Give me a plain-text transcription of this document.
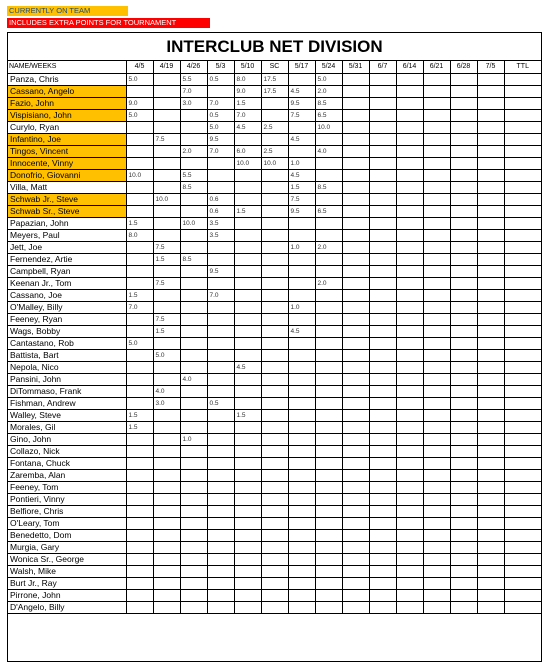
CURRENTLY ON TEAM
INCLUDES EXTRA POINTS FOR TOURNAMENT
INTERCLUB NET DIVISION
NAME/WEEKS	4/5	4/19	4/26	5/3	5/10	SC	5/17	5/24	5/31	6/7	6/14	6/21	6/28	7/5	TTL	
Panza, Chris	5.0		5.5	0.5	8.0	17.5		5.0								
Cassano, Angelo			7.0		9.0	17.5	4.5	2.0								
Fazio, John	9.0		3.0	7.0	1.5		9.5	8.5								
Vispisiano, John	5.0			0.5	7.0		7.5	6.5								
Curylo, Ryan				5.0	4.5	2.5		10.0								
Infantino, Joe		7.5		9.5			4.5									
Tingos, Vincent			2.0	7.0	6.0	2.5		4.0								
Innocente, Vinny					10.0	10.0	1.0									
Donofrio, Giovanni	10.0		5.5				4.5									
Villa, Matt			8.5				1.5	8.5								
Schwab Jr., Steve		10.0		0.6			7.5									
Schwab Sr., Steve				0.6	1.5		9.5	6.5								
Papazian, John	1.5		10.0	3.5												
Meyers, Paul	8.0			3.5												
Jett, Joe		7.5					1.0	2.0								
Fernendez, Artie		1.5	8.5													
Campbell, Ryan				9.5												
Keenan Jr., Tom		7.5						2.0								
Cassano, Joe	1.5			7.0												
O'Malley, Billy	7.0						1.0									
Feeney, Ryan		7.5														
Wags, Bobby		1.5					4.5									
Cantastano, Rob	5.0															
Battista, Bart		5.0														
Nepola, Nico					4.5											
Pansini, John			4.0													
DiTommaso, Frank		4.0														
Fishman, Andrew		3.0		0.5												
Walley, Steve	1.5				1.5											
Morales, Gil	1.5															
Gino, John			1.0													
Collazo, Nick																
Fontana, Chuck																
Zaremba, Alan																
Feeney, Tom																
Pontieri, Vinny																
Belfiore, Chris																
O'Leary, Tom																
Benedetto, Dom																
Murgia, Gary																
Wonica Sr., George																
Walsh, Mike																
Burt Jr., Ray																
Pirrone, John																
D'Angelo, Billy																
